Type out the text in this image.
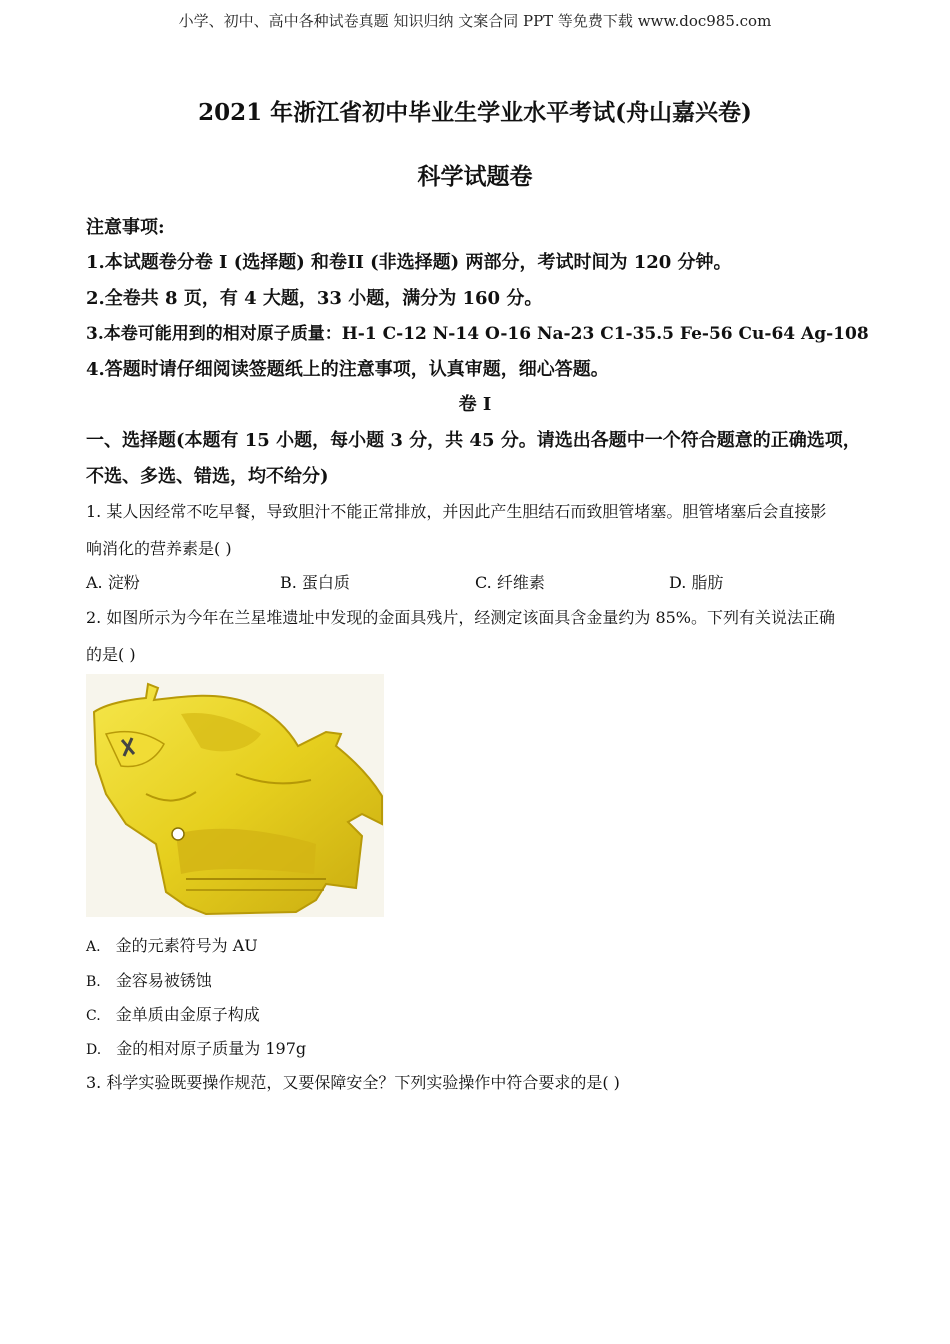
小学、初中、高中各种试卷真题 知识归纳 文案合同 PPT 等免费下载 www.doc985.com
2021 年浙江省初中毕业生学业水平考试(舟山嘉兴卷)
科学试题卷
注意事项:
1.本试题卷分卷 I (选择题) 和卷II (非选择题) 两部分，考试时间为 120 分钟。
2.全卷共 8 页，有 4 大题，33 小题，满分为 160 分。
3.本卷可能用到的相对原子质量：H-1 C-12 N-14 O-16 Na-23 C1-35.5 Fe-56 Cu-64 Ag-108
4.答题时请仔细阅读签题纸上的注意事项，认真审题，细心答题。
卷 I
一、选择题(本题有 15 小题，每小题 3 分，共 45 分。请选出各题中一个符合题意的正确选项，
不选、多选、错选，均不给分)
1. 某人因经常不吃早餐，导致胆汁不能正常排放，并因此产生胆结石而致胆管堵塞。胆管堵塞后会直接影
响消化的营养素是( )
A. 淀粉	B. 蛋白质	C. 纤维素	D. 脂肪
2. 如图所示为今年在兰星堆遗址中发现的金面具残片，经测定该面具含金量约为 85%。下列有关说法正确
的是( )
A. 金的元素符号为 AU
B. 金容易被锈蚀
C. 金单质由金原子构成
D. 金的相对原子质量为 197g
3. 科学实验既要操作规范，又要保障安全？下列实验操作中符合要求的是( )
